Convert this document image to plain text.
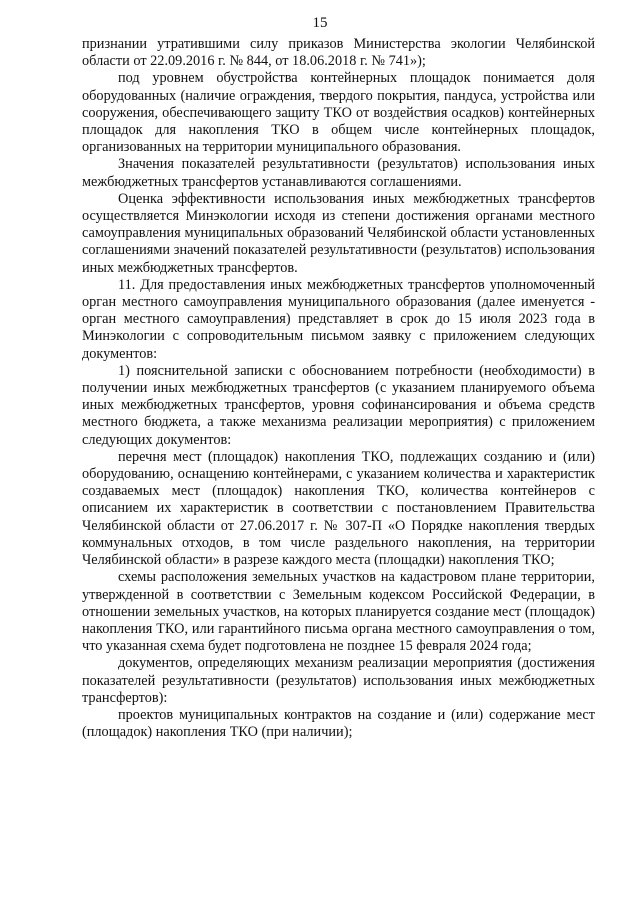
15

признании утратившими силу приказов Министерства экологии Челябинской области от 22.09.2016 г. № 844, от 18.06.2018 г. № 741»);

под уровнем обустройства контейнерных площадок понимается доля оборудованных (наличие ограждения, твердого покрытия, пандуса, устройства или сооружения, обеспечивающего защиту ТКО от воздействия осадков) контейнерных площадок для накопления ТКО в общем числе контейнерных площадок, организованных на территории муниципального образования.

Значения показателей результативности (результатов) использования иных межбюджетных трансфертов устанавливаются соглашениями.

Оценка эффективности использования иных межбюджетных трансфертов осуществляется Минэкологии исходя из степени достижения органами местного самоуправления муниципальных образований Челябинской области установленных соглашениями значений показателей результативности (результатов) использования иных межбюджетных трансфертов.

11. Для предоставления иных межбюджетных трансфертов уполномоченный орган местного самоуправления муниципального образования (далее именуется - орган местного самоуправления) представляет в срок до 15 июля 2023 года в Минэкологии с сопроводительным письмом заявку с приложением следующих документов:

1) пояснительной записки с обоснованием потребности (необходимости) в получении иных межбюджетных трансфертов (с указанием планируемого объема иных межбюджетных трансфертов, уровня софинансирования и объема средств местного бюджета, а также механизма реализации мероприятия) с приложением следующих документов:

перечня мест (площадок) накопления ТКО, подлежащих созданию и (или) оборудованию, оснащению контейнерами, с указанием количества и характеристик создаваемых мест (площадок) накопления ТКО, количества контейнеров с описанием их характеристик в соответствии с постановлением Правительства Челябинской области от 27.06.2017 г. № 307-П «О Порядке накопления твердых коммунальных отходов, в том числе раздельного накопления, на территории Челябинской области» в разрезе каждого места (площадки) накопления ТКО;

схемы расположения земельных участков на кадастровом плане территории, утвержденной в соответствии с Земельным кодексом Российской Федерации, в отношении земельных участков, на которых планируется создание мест (площадок) накопления ТКО, или гарантийного письма органа местного самоуправления о том, что указанная схема будет подготовлена не позднее 15 февраля 2024 года;

документов, определяющих механизм реализации мероприятия (достижения показателей результативности (результатов) использования иных межбюджетных трансфертов):

проектов муниципальных контрактов на создание и (или) содержание мест (площадок) накопления ТКО (при наличии);
